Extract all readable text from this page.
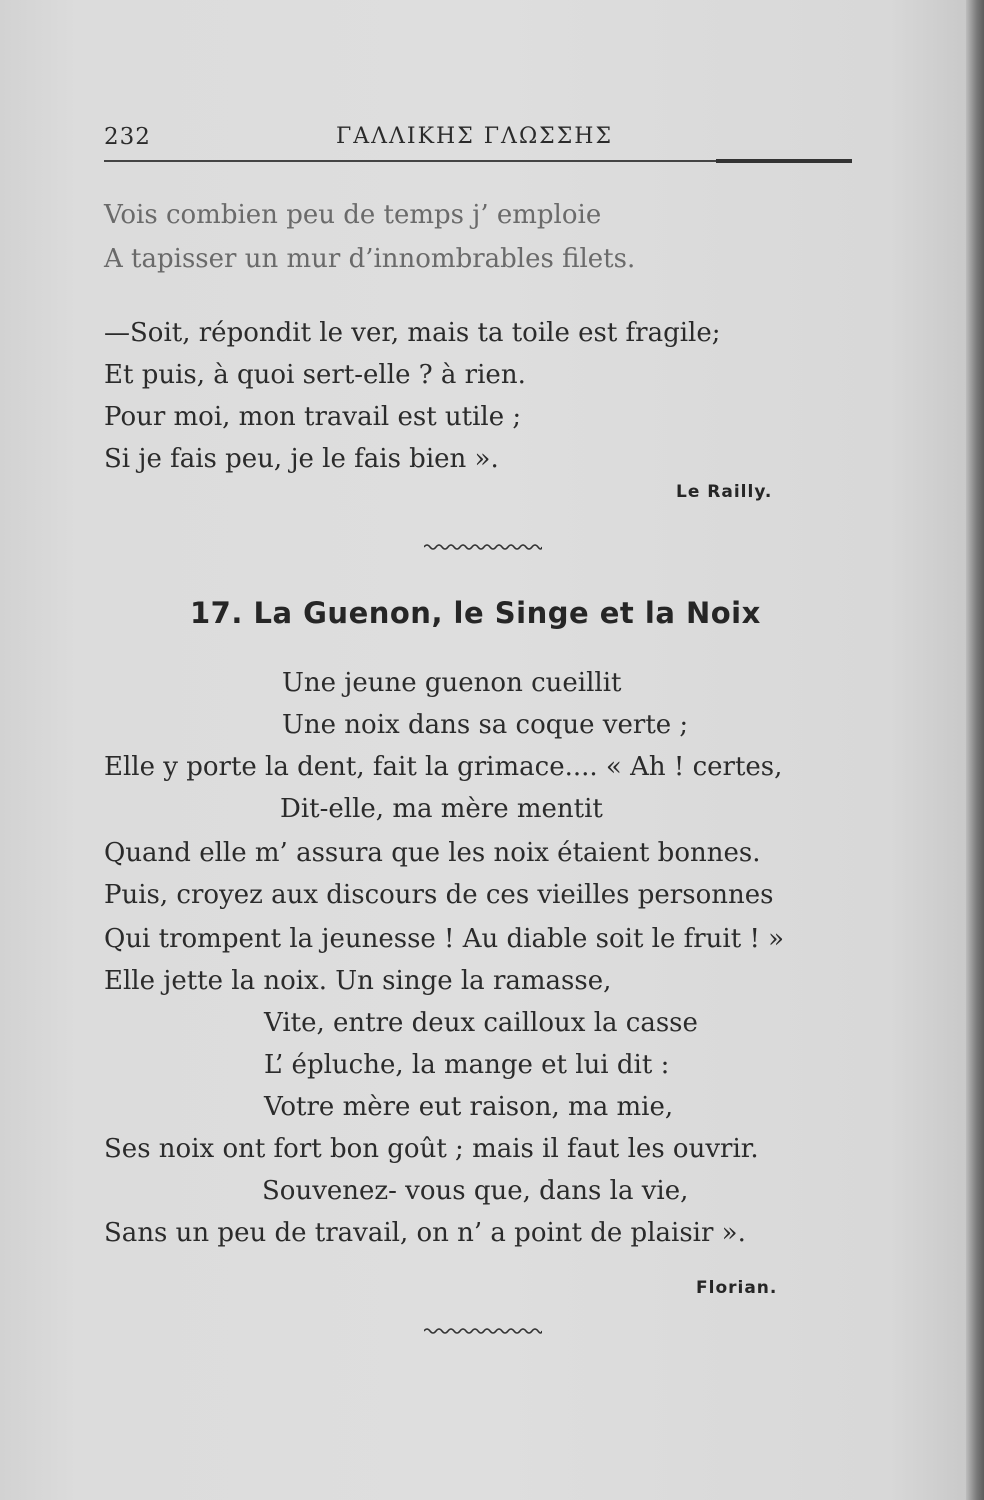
232	ΓΑΛΛΙΚΗΣ ΓΛΩΣΣΗΣ
Vois combien peu de temps j’ emploie
A tapisser un mur d’innombrables filets.
—Soit, répondit le ver, mais ta toile est fragile;
Et puis, à quoi sert-elle ? à rien.
Pour moi, mon travail est utile ;
Si je fais peu, je le fais bien ».
Le Railly.
17. La Guenon, le Singe et la Noix
Une jeune guenon cueillit
Une noix dans sa coque verte ;
Elle y porte la dent, fait la grimace.... « Ah ! certes,
Dit-elle, ma mère mentit
Quand elle m’ assura que les noix étaient bonnes.
Puis, croyez aux discours de ces vieilles personnes
Qui trompent la jeunesse ! Au diable soit le fruit ! »
Elle jette la noix. Un singe la ramasse,
Vite, entre deux cailloux la casse
L’ épluche, la mange et lui dit :
Votre mère eut raison, ma mie,
Ses noix ont fort bon goût ; mais il faut les ouvrir.
Souvenez- vous que, dans la vie,
Sans un peu de travail, on n’ a point de plaisir ».
Florian.
